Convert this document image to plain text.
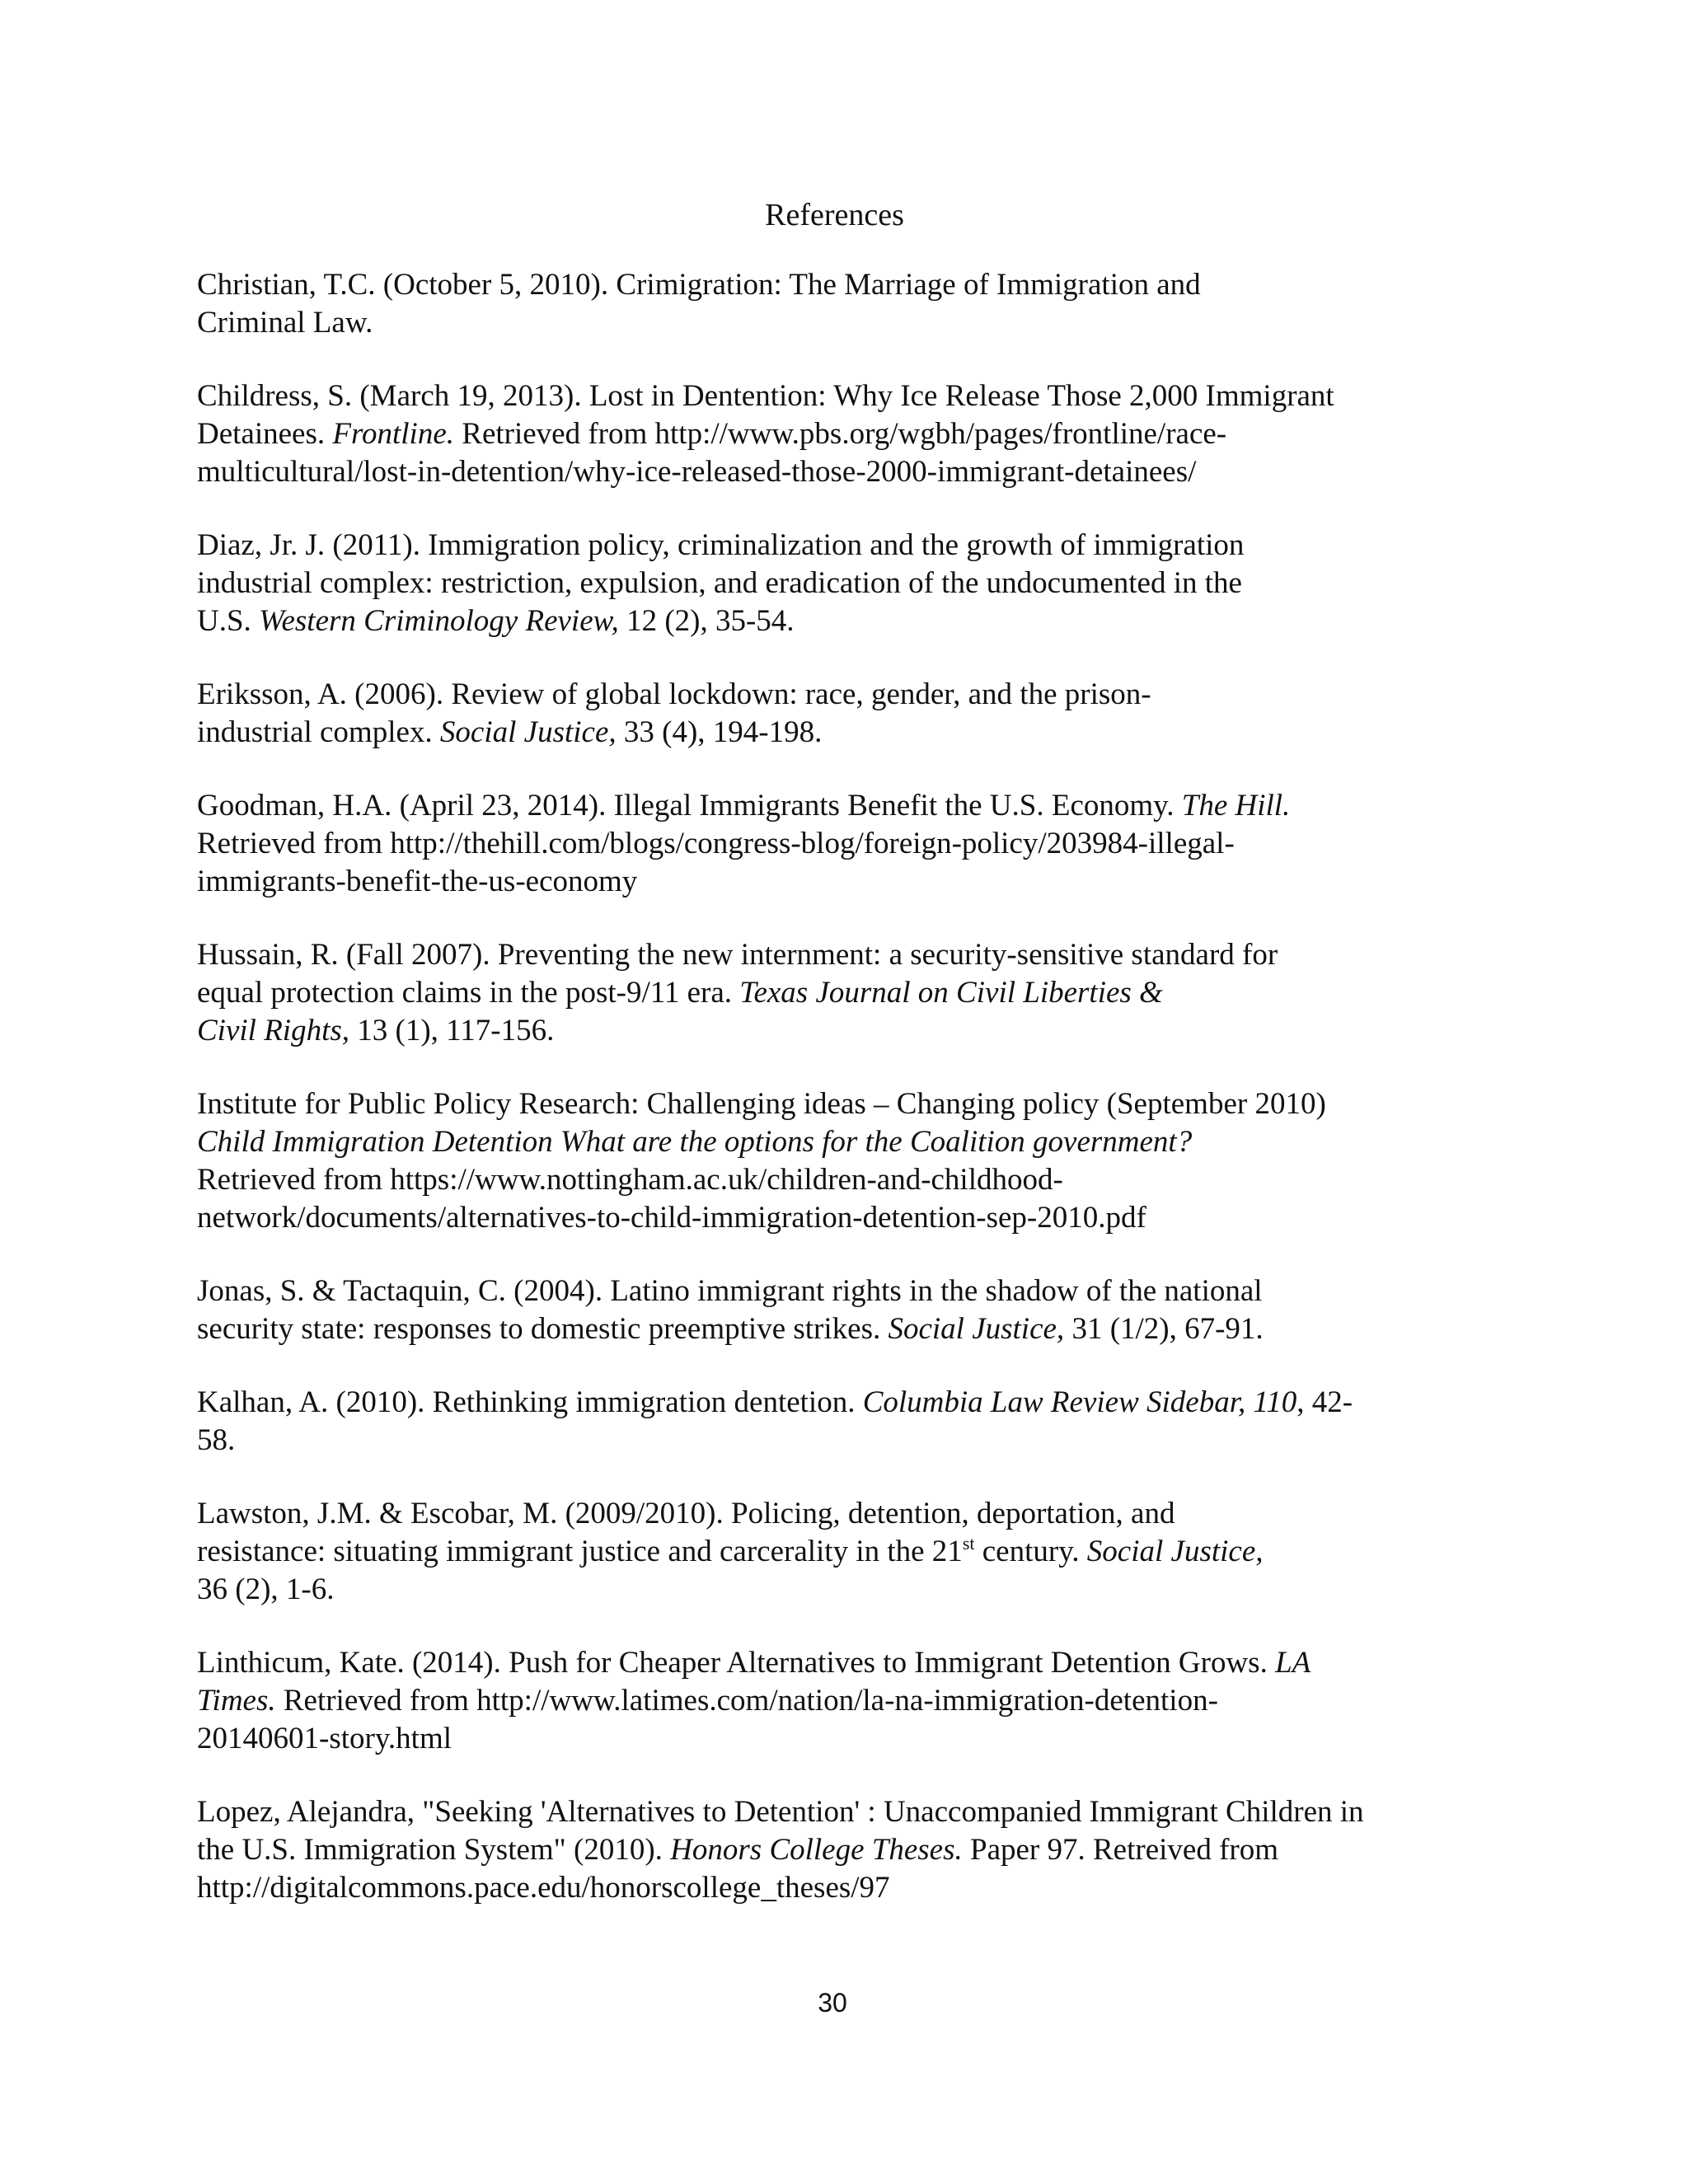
References
Christian, T.C. (October 5, 2010). Crimigration: The Marriage of Immigration and
Criminal Law.
Childress, S. (March 19, 2013). Lost in Dentention: Why Ice Release Those 2,000 Immigrant
Detainees. Frontline. Retrieved from http://www.pbs.org/wgbh/pages/frontline/race-
multicultural/lost-in-detention/why-ice-released-those-2000-immigrant-detainees/
Diaz, Jr. J. (2011). Immigration policy, criminalization and the growth of immigration
industrial complex: restriction, expulsion, and eradication of the undocumented in the
U.S. Western Criminology Review, 12 (2), 35-54.
Eriksson, A. (2006). Review of global lockdown: race, gender, and the prison-
industrial complex. Social Justice, 33 (4), 194-198.
Goodman, H.A. (April 23, 2014). Illegal Immigrants Benefit the U.S. Economy. The Hill.
Retrieved from http://thehill.com/blogs/congress-blog/foreign-policy/203984-illegal-
immigrants-benefit-the-us-economy
Hussain, R. (Fall 2007). Preventing the new internment: a security-sensitive standard for
equal protection claims in the post-9/11 era. Texas Journal on Civil Liberties &
Civil Rights, 13 (1), 117-156.
Institute for Public Policy Research: Challenging ideas – Changing policy (September 2010)
Child Immigration Detention What are the options for the Coalition government?
Retrieved from https://www.nottingham.ac.uk/children-and-childhood-
network/documents/alternatives-to-child-immigration-detention-sep-2010.pdf
Jonas, S. & Tactaquin, C. (2004). Latino immigrant rights in the shadow of the national
security state: responses to domestic preemptive strikes. Social Justice, 31 (1/2), 67-91.
Kalhan, A. (2010). Rethinking immigration dentetion. Columbia Law Review Sidebar, 110, 42-
58.
Lawston, J.M. & Escobar, M. (2009/2010). Policing, detention, deportation, and
resistance: situating immigrant justice and carcerality in the 21st century. Social Justice,
36 (2), 1-6.
Linthicum, Kate. (2014). Push for Cheaper Alternatives to Immigrant Detention Grows. LA
Times. Retrieved from http://www.latimes.com/nation/la-na-immigration-detention-
20140601-story.html
Lopez, Alejandra, "Seeking 'Alternatives to Detention' : Unaccompanied Immigrant Children in
the U.S. Immigration System" (2010). Honors College Theses. Paper 97. Retreived from
http://digitalcommons.pace.edu/honorscollege_theses/97
30
